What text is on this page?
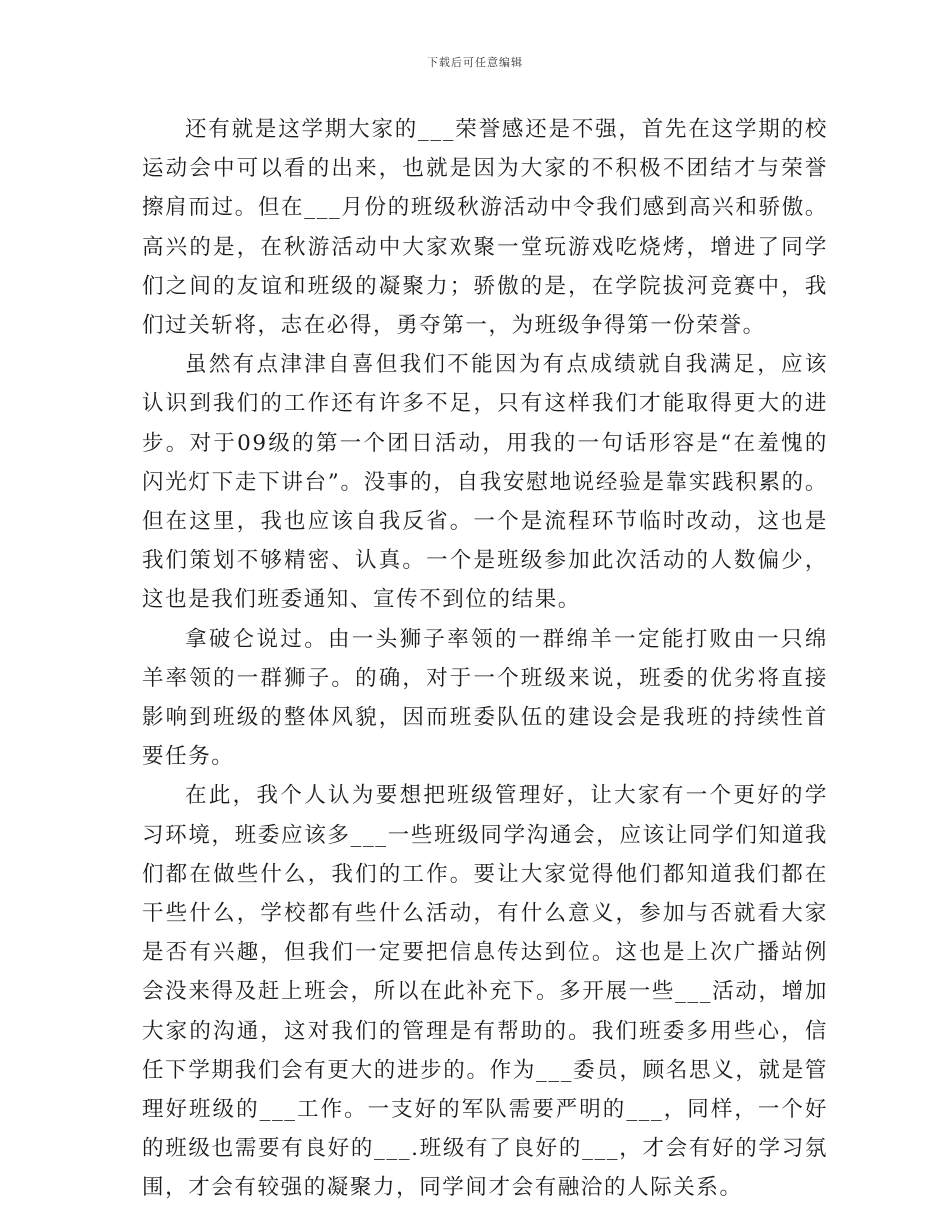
下载后可任意编辑

还有就是这学期大家的___荣誉感还是不强，首先在这学期的校运动会中可以看的出来，也就是因为大家的不积极不团结才与荣誉擦肩而过。但在___月份的班级秋游活动中令我们感到高兴和骄傲。高兴的是，在秋游活动中大家欢聚一堂玩游戏吃烧烤，增进了同学们之间的友谊和班级的凝聚力；骄傲的是，在学院拔河竞赛中，我们过关斩将，志在必得，勇夺第一，为班级争得第一份荣誉。

虽然有点津津自喜但我们不能因为有点成绩就自我满足，应该认识到我们的工作还有许多不足，只有这样我们才能取得更大的进步。对于09级的第一个团日活动，用我的一句话形容是“在羞愧的闪光灯下走下讲台”。没事的，自我安慰地说经验是靠实践积累的。但在这里，我也应该自我反省。一个是流程环节临时改动，这也是我们策划不够精密、认真。一个是班级参加此次活动的人数偏少，这也是我们班委通知、宣传不到位的结果。

拿破仑说过。由一头狮子率领的一群绵羊一定能打败由一只绵羊率领的一群狮子。的确，对于一个班级来说，班委的优劣将直接影响到班级的整体风貌，因而班委队伍的建设会是我班的持续性首要任务。

在此，我个人认为要想把班级管理好，让大家有一个更好的学习环境，班委应该多___一些班级同学沟通会，应该让同学们知道我们都在做些什么，我们的工作。要让大家觉得他们都知道我们都在干些什么，学校都有些什么活动，有什么意义，参加与否就看大家是否有兴趣，但我们一定要把信息传达到位。这也是上次广播站例会没来得及赶上班会，所以在此补充下。多开展一些___活动，增加大家的沟通，这对我们的管理是有帮助的。我们班委多用些心，信任下学期我们会有更大的进步的。作为___委员，顾名思义，就是管理好班级的___工作。一支好的军队需要严明的___，同样，一个好的班级也需要有良好的___.班级有了良好的___，才会有好的学习氛围，才会有较强的凝聚力，同学间才会有融洽的人际关系。
